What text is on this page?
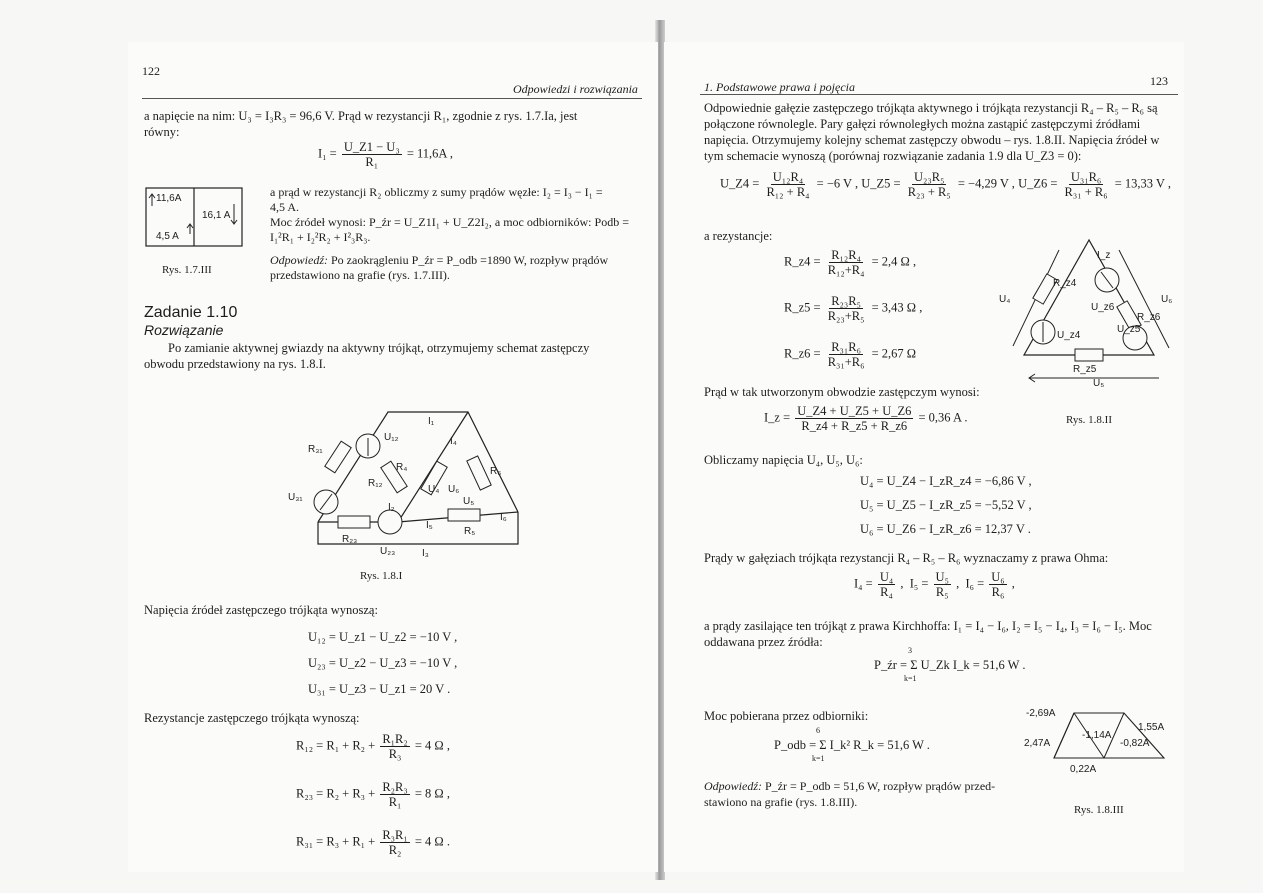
122
Odpowiedzi i rozwiązania
a napięcie na nim: U₃ = I₃R₃ = 96,6 V. Prąd w rezystancji R₁, zgodnie z rys. 1.7.Ia, jest
równy:
$I_1 = \frac{\text{U\_Z1 − U₃}}{\text{R₁}} = 11,6A$ ,
11,6A
16,1 A
4,5 A
a prąd w rezystancji R₂ obliczmy z sumy prądów węzłe: I₂ = I₃ − I₁ =
4,5 A.
Moc źródeł wynosi: P_źr = U_Z1I₁ + U_Z2I₂, a moc odbiorników: Podb =
I₁²R₁ + I₂²R₂ + I²₃R₃.
Odpowiedź: Po zaokrągleniu P_źr = P_odb =1890 W, rozpływ prądów
przedstawiono na grafie (rys. 1.7.III).
Rys. 1.7.III
Zadanie 1.10
Rozwiązanie
Po zamianie aktywnej gwiazdy na aktywny trójkąt, otrzymujemy schemat zastępczy
obwodu przedstawiony na rys. 1.8.I.
R₃₁
U₁₂
I₁
I₄
U₃₁
R₁₂
R₄
U₄ U₆
R₆
I₂
U₅
I₆
R₂₃
U₂₃	I₃
I₅
R₅
Rys. 1.8.I
Napięcia źródeł zastępczego trójkąta wynoszą:
U₁₂ = U_z1 − U_z2 = −10 V ,
U₂₃ = U_z2 − U_z3 = −10 V ,
U₃₁ = U_z3 − U_z1 = 20 V .
Rezystancje zastępczego trójkąta wynoszą:
$R_{12} = R_1 + R_2 + \frac{\text{R₁R₂}}{\text{R₃}} = 4$ Ω ,
$R_{23} = R_2 + R_3 + \frac{\text{R₂R₃}}{\text{R₁}} = 8$ Ω ,
$R_{31} = R_3 + R_1 + \frac{\text{R₃R₁}}{\text{R₂}} = 4$ Ω .
1. Podstawowe prawa i pojęcia	123
Odpowiednie gałęzie zastępczego trójkąta aktywnego i trójkąta rezystancji R₄ – R₅ – R₆ są
połączone równolegle. Pary gałęzi równoległych można zastąpić zastępczymi źródłami
napięcia. Otrzymujemy kolejny schemat zastępczy obwodu – rys. 1.8.II. Napięcia źródeł w
tym schemacie wynoszą (porównaj rozwiązanie zadania 1.9 dla U_Z3 = 0):
U_Z4 = $\frac{\text{U₁₂R₄}}{\text{R₁₂ + R₄}} = -6$ V , U_Z5 = $\frac{\text{U₂₃R₅}}{\text{R₂₃ + R₅}} = -4,29$ V , U_Z6 = $\frac{\text{U₃₁R₆}}{\text{R₃₁ + R₆}} = 13,33$ V ,
a rezystancje:
R_z4 = $\frac{\text{R₁₂R₄}}{\text{R₁₂+R₄}} = 2,4$ Ω ,
R_z5 = $\frac{\text{R₂₃R₅}}{\text{R₂₃+R₅}} = 3,43$ Ω ,
R_z6 = $\frac{\text{R₃₁R₆}}{\text{R₃₁+R₆}} = 2,67$ Ω
U₄
R_z4
I_z
U₆
U_z6
R_z6
U_z4
U_z5
R_z5
U₅
Rys. 1.8.II
Prąd w tak utworzonym obwodzie zastępczym wynosi:
I_z = $\frac{U\_Z4 + U\_Z5 + U\_Z6}{R\_z4 + R\_z5 + R\_z6} = 0,36$ A .
Obliczamy napięcia U₄, U₅, U₆:
U₄ = U_Z4 − I_zR_z4 = −6,86 V ,
U₅ = U_Z5 − I_zR_z5 = −5,52 V ,
U₆ = U_Z6 − I_zR_z6 = 12,37 V .
Prądy w gałęziach trójkąta rezystancji R₄ – R₅ – R₆ wyznaczamy z prawa Ohma:
$I_4 = \frac{\text{U₄}}{\text{R₄}}$ , $I_5 = \frac{\text{U₅}}{\text{R₅}}$ , $I_6 = \frac{\text{U₆}}{\text{R₆}}$ ,
a prądy zasilające ten trójkąt z prawa Kirchhoffa: I₁ = I₄ − I₆, I₂ = I₅ − I₄, I₃ = I₆ − I₅. Moc
oddawana przez źródła:
3
P_źr = Σ U_Zk I_k = 51,6 W .
k=1
Moc pobierana przez odbiorniki:
6
P_odb = Σ I_k² R_k = 51,6 W .
k=1
Odpowiedź: P_źr = P_odb = 51,6 W, rozpływ prądów przed-
stawiono na grafie (rys. 1.8.III).
-2,69A
1,55A
-1,14A
2,47A	-0,82A
0,22A
Rys. 1.8.III
